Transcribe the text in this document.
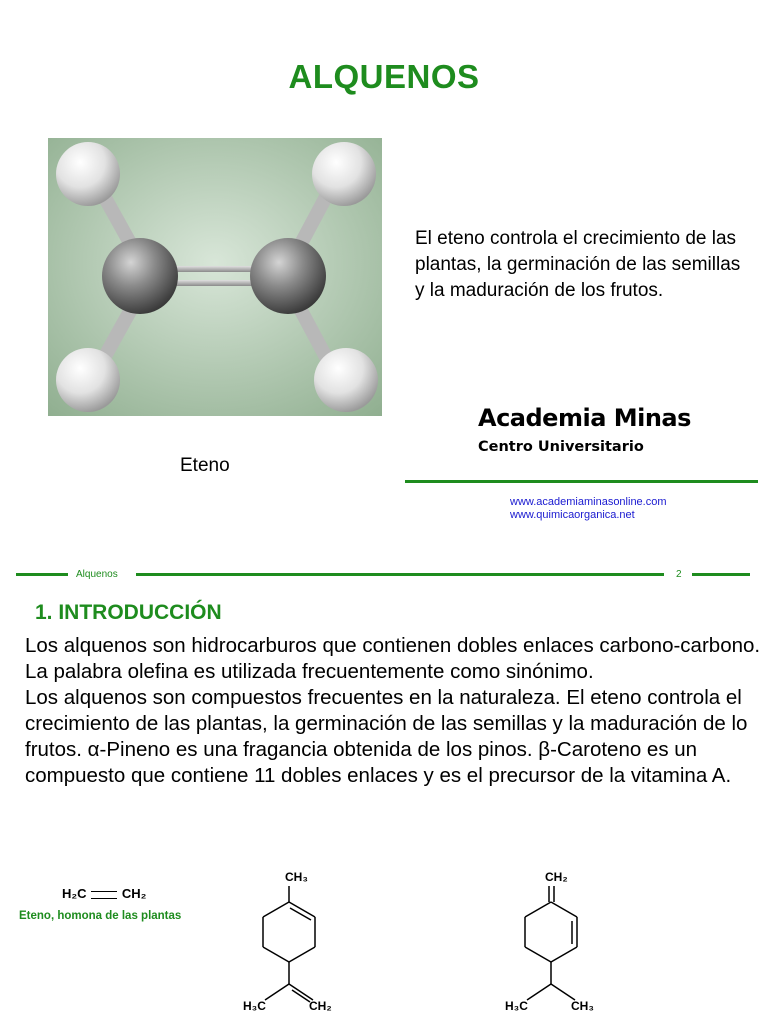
ALQUENOS
Eteno
El eteno controla el crecimiento de las plantas, la germinación de las semillas y la maduración de los frutos.
Academia Minas
Centro Universitario
www.academiaminasonline.com
www.quimicaorganica.net
Alquenos	2
1. INTRODUCCIÓN

Los alquenos son hidrocarburos que contienen dobles enlaces carbono-carbono. La palabra olefina es utilizada frecuentemente como sinónimo.

Los alquenos son compuestos frecuentes en la naturaleza. El eteno controla el crecimiento de las plantas, la germinación de las semillas y la maduración de lo frutos. α-Pineno es una fragancia obtenida de los pinos. β-Caroteno es un compuesto que contiene 11 dobles enlaces y es el precursor de la vitamina A.

H₂C	CH₂
Eteno, homona de las plantas
CH₃
H₃C	CH₂
CH₂
H₃C	CH₃
